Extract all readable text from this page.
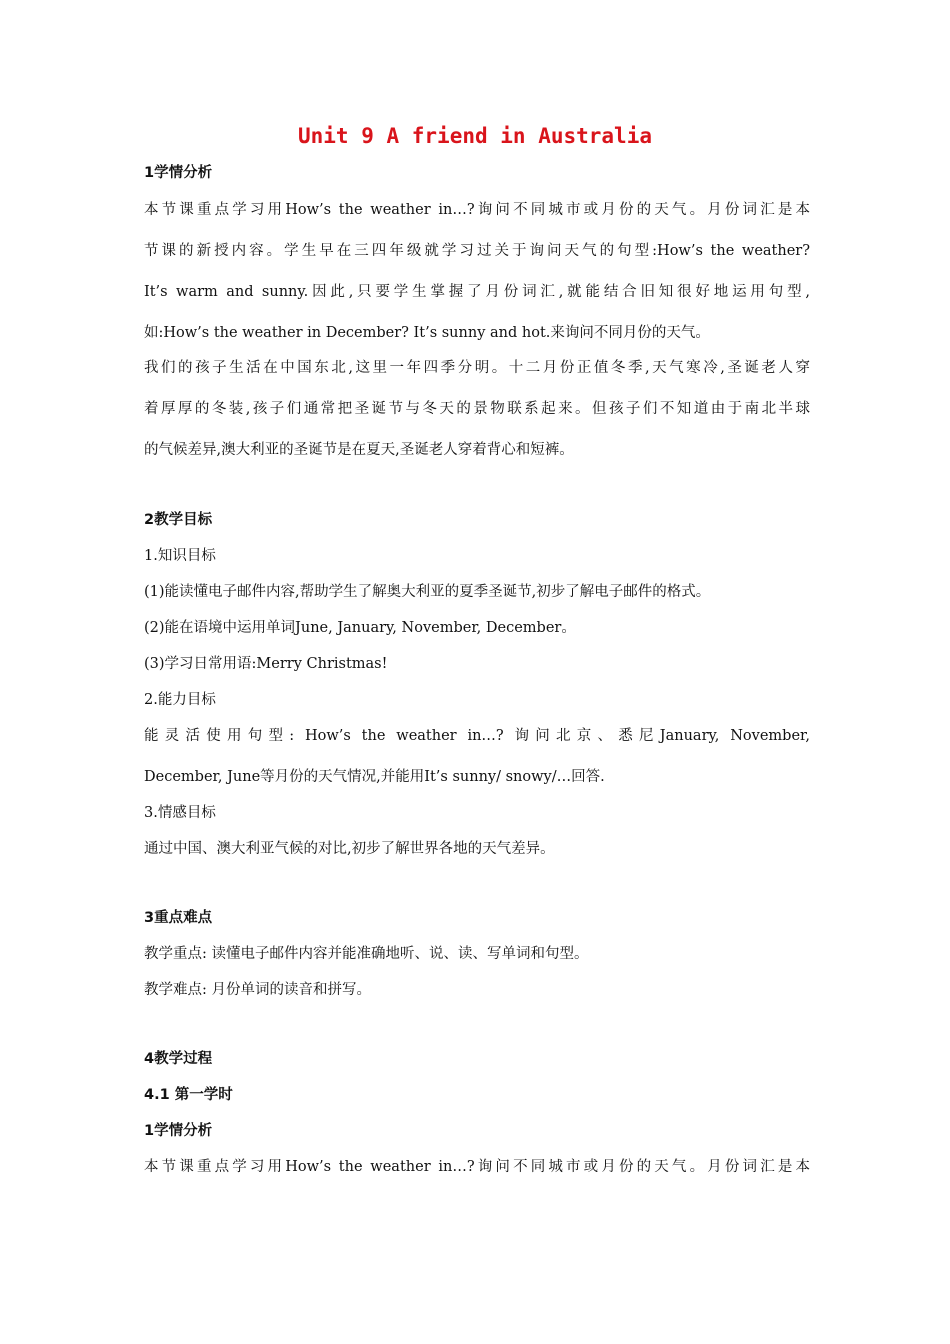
Unit 9 A friend in Australia
1学情分析
本节课重点学习用How’s the weather in…?询问不同城市或月份的天气。月份词汇是本
节课的新授内容。学生早在三四年级就学习过关于询问天气的句型:How’s the weather?
It’s warm and sunny.因此,只要学生掌握了月份词汇,就能结合旧知很好地运用句型,
如:How’s the weather in December? It’s sunny and hot.来询问不同月份的天气。
我们的孩子生活在中国东北,这里一年四季分明。十二月份正值冬季,天气寒冷,圣诞老人穿
着厚厚的冬装,孩子们通常把圣诞节与冬天的景物联系起来。但孩子们不知道由于南北半球
的气候差异,澳大利亚的圣诞节是在夏天,圣诞老人穿着背心和短裤。
2教学目标
1.知识目标
(1)能读懂电子邮件内容,帮助学生了解奥大利亚的夏季圣诞节,初步了解电子邮件的格式。
(2)能在语境中运用单词June, January, November, December。
(3)学习日常用语:Merry Christmas!
2.能力目标
能灵活使用句型: How’s the weather in…? 询问北京、悉尼January, November,
December, June等月份的天气情况,并能用It’s sunny/ snowy/…回答.
3.情感目标
通过中国、澳大利亚气候的对比,初步了解世界各地的天气差异。
3重点难点
教学重点: 读懂电子邮件内容并能准确地听、说、读、写单词和句型。
教学难点: 月份单词的读音和拼写。
4教学过程
4.1 第一学时
1学情分析
本节课重点学习用How’s the weather in…?询问不同城市或月份的天气。月份词汇是本
